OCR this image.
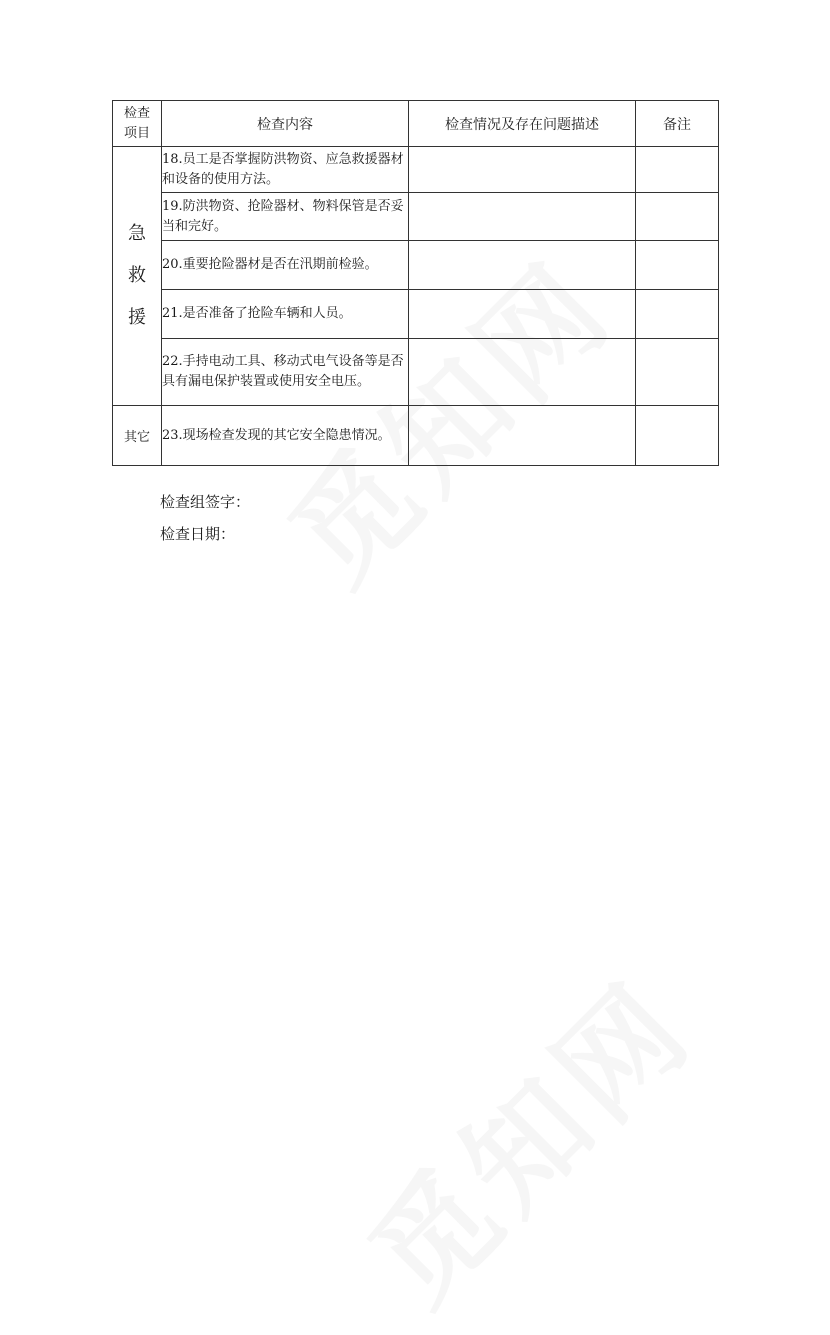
检查
项目	检查内容	检查情况及存在问题描述	备注

急
救
援	18.员工是否掌握防洪物资、应急救援器材和设备的使用方法。		
	19.防洪物资、抢险器材、物料保管是否妥当和完好。		
	20.重要抢险器材是否在汛期前检验。		
	21.是否准备了抢险车辆和人员。		
	22.手持电动工具、移动式电气设备等是否具有漏电保护装置或使用安全电压。		
其它	23.现场检查发现的其它安全隐患情况。		
检查组签字：
检查日期：
